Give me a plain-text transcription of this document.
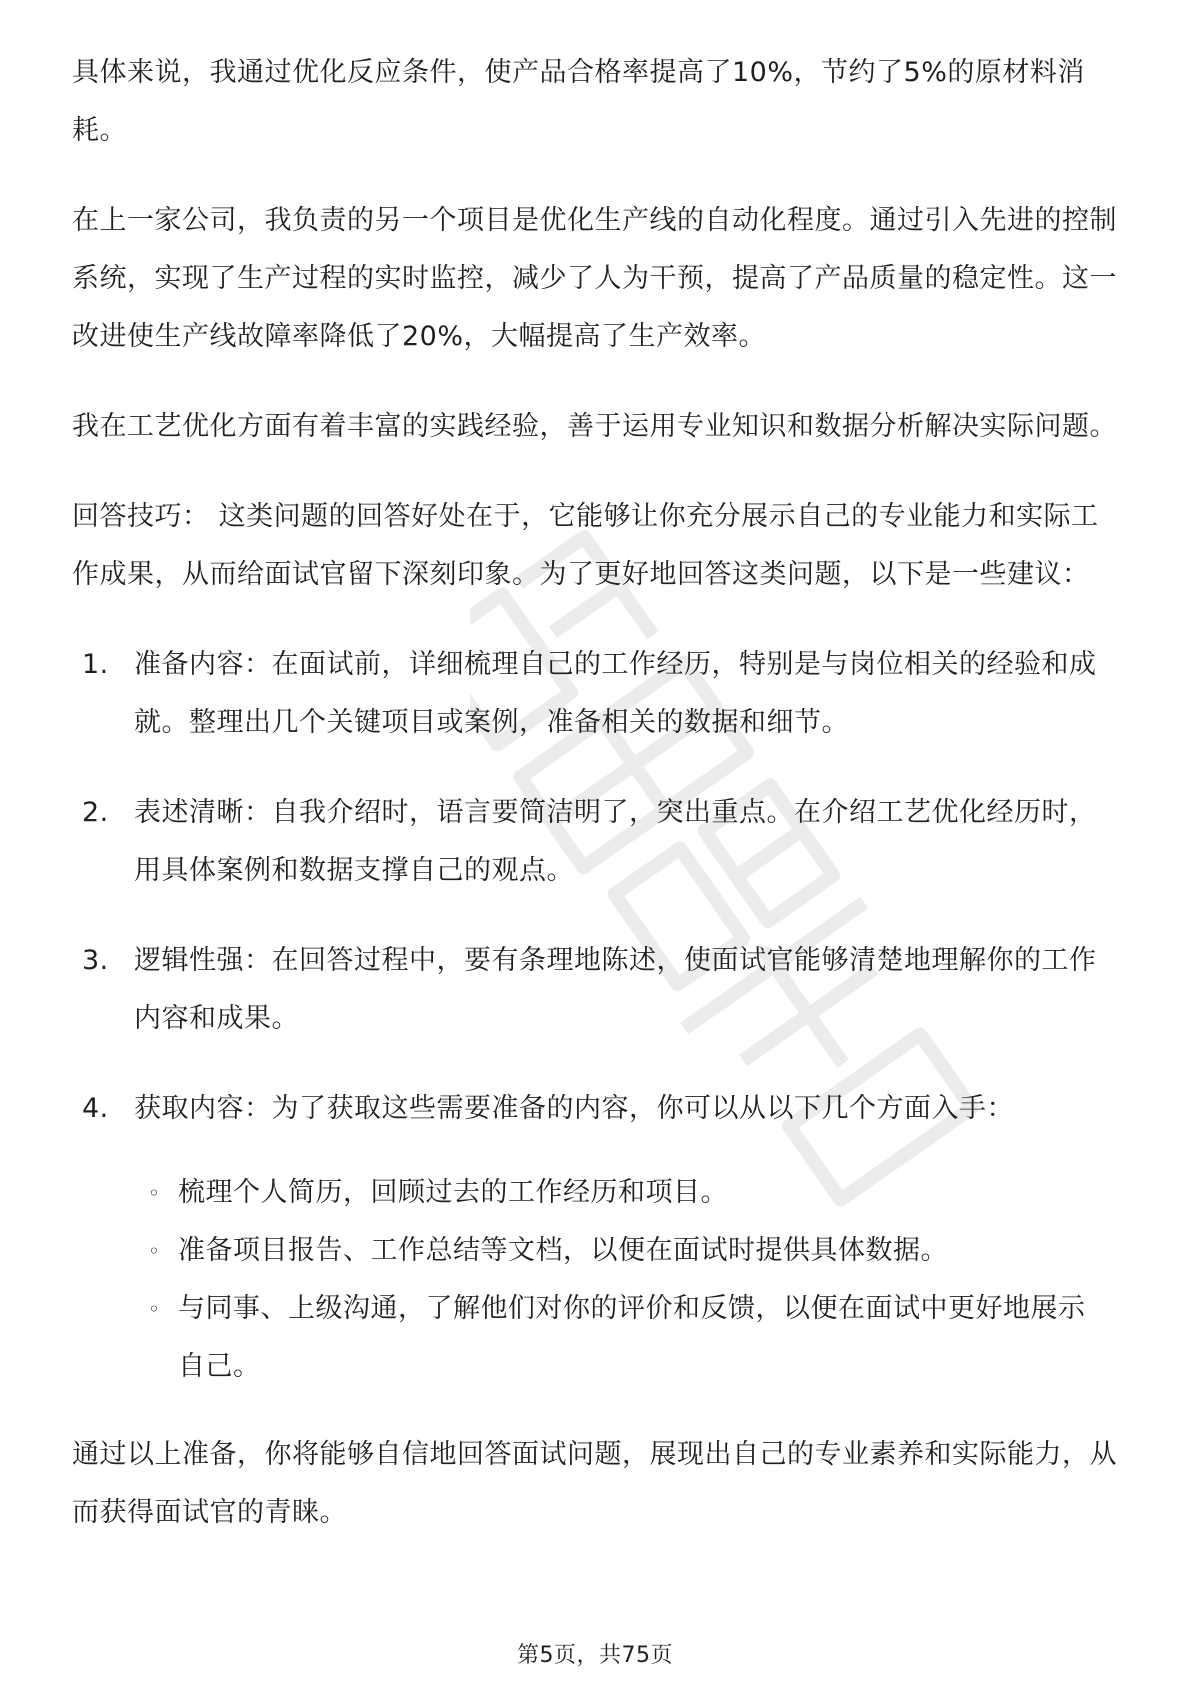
具体来说，我通过优化反应条件，使产品合格率提高了10%，节约了5%的原材料消耗。

在上一家公司，我负责的另一个项目是优化生产线的自动化程度。通过引入先进的控制系统，实现了生产过程的实时监控，减少了人为干预，提高了产品质量的稳定性。这一改进使生产线故障率降低了20%，大幅提高了生产效率。

我在工艺优化方面有着丰富的实践经验，善于运用专业知识和数据分析解决实际问题。

回答技巧： 这类问题的回答好处在于，它能够让你充分展示自己的专业能力和实际工作成果，从而给面试官留下深刻印象。为了更好地回答这类问题，以下是一些建议：

1. 准备内容：在面试前，详细梳理自己的工作经历，特别是与岗位相关的经验和成就。整理出几个关键项目或案例，准备相关的数据和细节。
2. 表述清晰：自我介绍时，语言要简洁明了，突出重点。在介绍工艺优化经历时，用具体案例和数据支撑自己的观点。
3. 逻辑性强：在回答过程中，要有条理地陈述，使面试官能够清楚地理解你的工作内容和成果。
4. 获取内容：为了获取这些需要准备的内容，你可以从以下几个方面入手：
◦ 梳理个人简历，回顾过去的工作经历和项目。
◦ 准备项目报告、工作总结等文档，以便在面试时提供具体数据。
◦ 与同事、上级沟通，了解他们对你的评价和反馈，以便在面试中更好地展示自己。

通过以上准备，你将能够自信地回答面试问题，展现出自己的专业素养和实际能力，从而获得面试官的青睐。

第5页，共75页
